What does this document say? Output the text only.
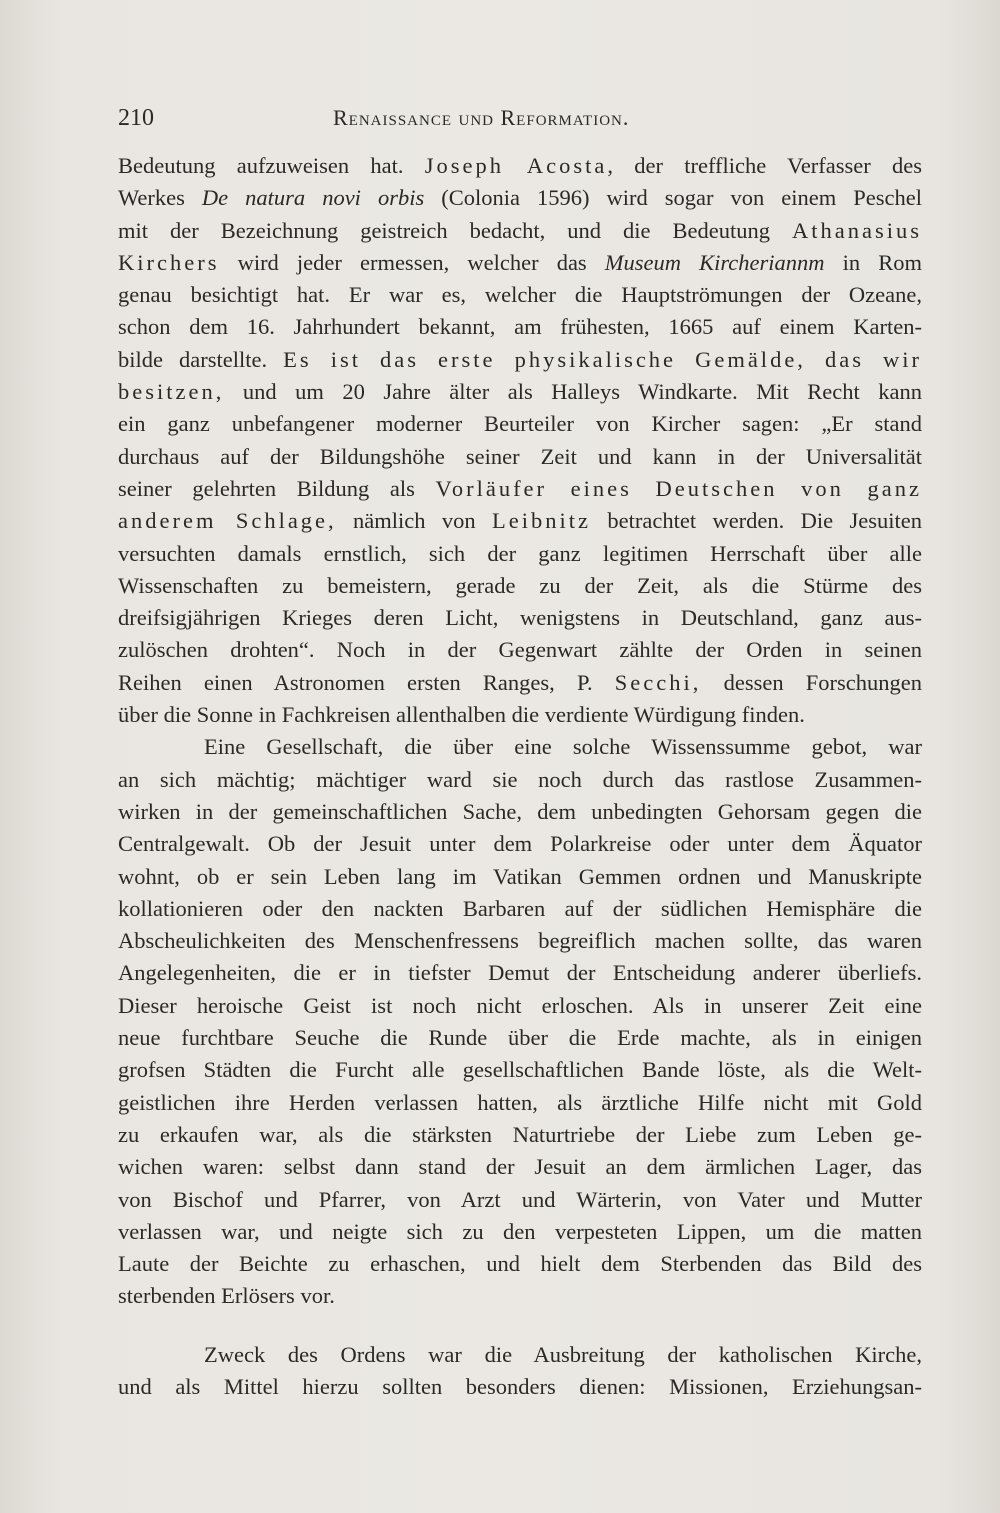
210	Renaissance und Reformation.
Bedeutung aufzuweisen hat. Joseph Acosta, der treffliche Verfasser des
Werkes De natura novi orbis (Colonia 1596) wird sogar von einem Peschel
mit der Bezeichnung geistreich bedacht, und die Bedeutung Athanasius
Kirchers wird jeder ermessen, welcher das Museum Kircheriannm in Rom
genau besichtigt hat. Er war es, welcher die Hauptströmungen der Ozeane,
schon dem 16. Jahrhundert bekannt, am frühesten, 1665 auf einem Karten-
bilde darstellte. Es ist das erste physikalische Gemälde, das wir
besitzen, und um 20 Jahre älter als Halleys Windkarte. Mit Recht kann
ein ganz unbefangener moderner Beurteiler von Kircher sagen: „Er stand
durchaus auf der Bildungshöhe seiner Zeit und kann in der Universalität
seiner gelehrten Bildung als Vorläufer eines Deutschen von ganz
anderem Schlage, nämlich von Leibnitz betrachtet werden. Die Jesuiten
versuchten damals ernstlich, sich der ganz legitimen Herrschaft über alle
Wissenschaften zu bemeistern, gerade zu der Zeit, als die Stürme des
dreifsigjährigen Krieges deren Licht, wenigstens in Deutschland, ganz aus-
zulöschen drohten“. Noch in der Gegenwart zählte der Orden in seinen
Reihen einen Astronomen ersten Ranges, P. Secchi, dessen Forschungen
über die Sonne in Fachkreisen allenthalben die verdiente Würdigung finden.
Eine Gesellschaft, die über eine solche Wissenssumme gebot, war
an sich mächtig; mächtiger ward sie noch durch das rastlose Zusammen-
wirken in der gemeinschaftlichen Sache, dem unbedingten Gehorsam gegen die
Centralgewalt. Ob der Jesuit unter dem Polarkreise oder unter dem Äquator
wohnt, ob er sein Leben lang im Vatikan Gemmen ordnen und Manuskripte
kollationieren oder den nackten Barbaren auf der südlichen Hemisphäre die
Abscheulichkeiten des Menschenfressens begreiflich machen sollte, das waren
Angelegenheiten, die er in tiefster Demut der Entscheidung anderer überliefs.
Dieser heroische Geist ist noch nicht erloschen. Als in unserer Zeit eine
neue furchtbare Seuche die Runde über die Erde machte, als in einigen
grofsen Städten die Furcht alle gesellschaftlichen Bande löste, als die Welt-
geistlichen ihre Herden verlassen hatten, als ärztliche Hilfe nicht mit Gold
zu erkaufen war, als die stärksten Naturtriebe der Liebe zum Leben ge-
wichen waren: selbst dann stand der Jesuit an dem ärmlichen Lager, das
von Bischof und Pfarrer, von Arzt und Wärterin, von Vater und Mutter
verlassen war, und neigte sich zu den verpesteten Lippen, um die matten
Laute der Beichte zu erhaschen, und hielt dem Sterbenden das Bild des
sterbenden Erlösers vor.
Zweck des Ordens war die Ausbreitung der katholischen Kirche,
und als Mittel hierzu sollten besonders dienen: Missionen, Erziehungsan-
